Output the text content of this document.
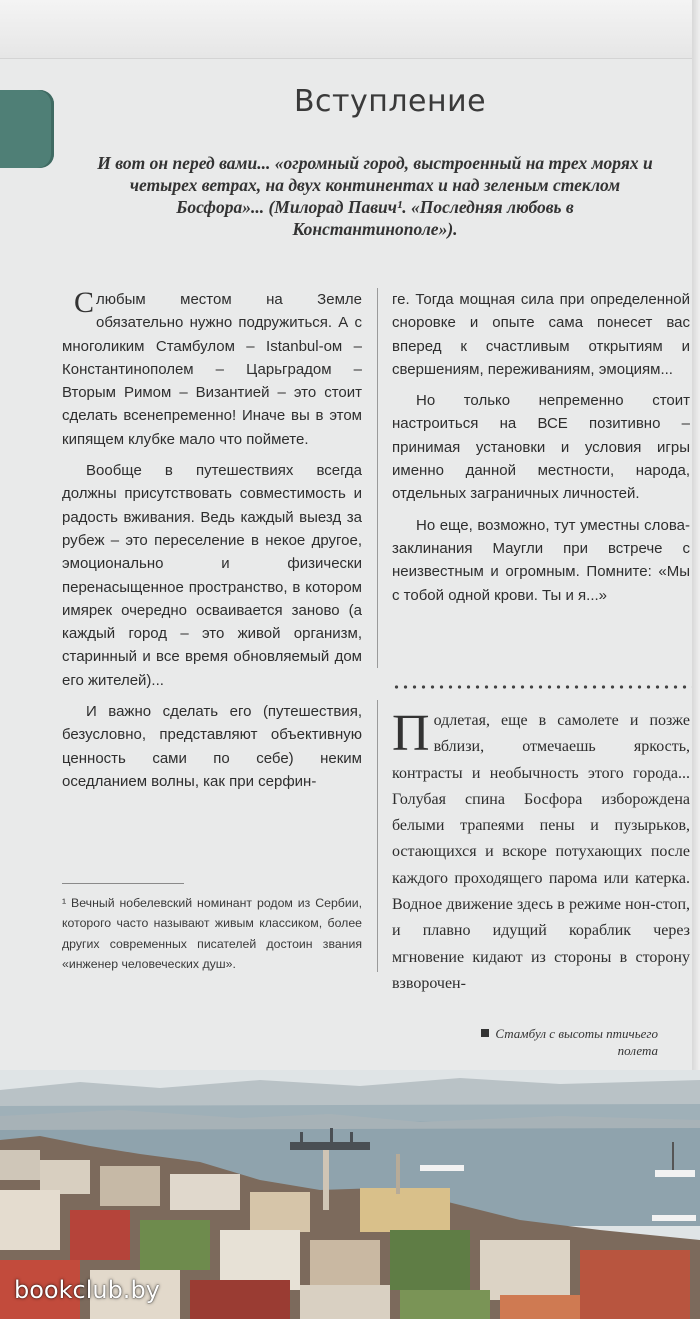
Вступление
И вот он перед вами... «огромный город, выстроенный на трех морях и четырех ветрах, на двух континентах и над зеленым стеклом Босфора»... (Милорад Павич¹. «Последняя любовь в Константинополе»).

С любым местом на Земле обязательно нужно подружиться. А с многоликим Стамбулом – Istanbul-ом – Константинополем – Царьградом – Вторым Римом – Византией – это стоит сделать всенепременно! Иначе вы в этом кипящем клубке мало что поймете.

Вообще в путешествиях всегда должны присутствовать совместимость и радость вживания. Ведь каждый выезд за рубеж – это переселение в некое другое, эмоционально и физически перенасыщенное пространство, в котором имярек очередно осваивается заново (а каждый город – это живой организм, старинный и все время обновляемый дом его жителей)...

И важно сделать его (путешествия, безусловно, представляют объективную ценность сами по себе) неким оседланием волны, как при серфин-

ге. Тогда мощная сила при определенной сноровке и опыте сама понесет вас вперед к счастливым открытиям и свершениям, переживаниям, эмоциям...

Но только непременно стоит настроиться на ВСЕ позитивно – принимая установки и условия игры именно данной местности, народа, отдельных заграничных личностей.

Но еще, возможно, тут уместны слова-заклинания Маугли при встрече с неизвестным и огромным. Помните: «Мы с тобой одной крови. Ты и я...»

¹ Вечный нобелевский номинант родом из Сербии, которого часто называют живым классиком, более других современных писателей достоин звания «инженер человеческих душ».
Подлетая, еще в самолете и позже вблизи, отмечаешь яркость, контрасты и необычность этого города... Голубая спина Босфора изборождена белыми трапеями пены и пузырьков, остающихся и вскоре потухающих после каждого проходящего парома или катерка. Водное движение здесь в режиме нон-стоп, и плавно идущий кораблик через мгновение кидают из стороны в сторону взворочен-
Стамбул с высоты птичьего полета
bookclub.by
